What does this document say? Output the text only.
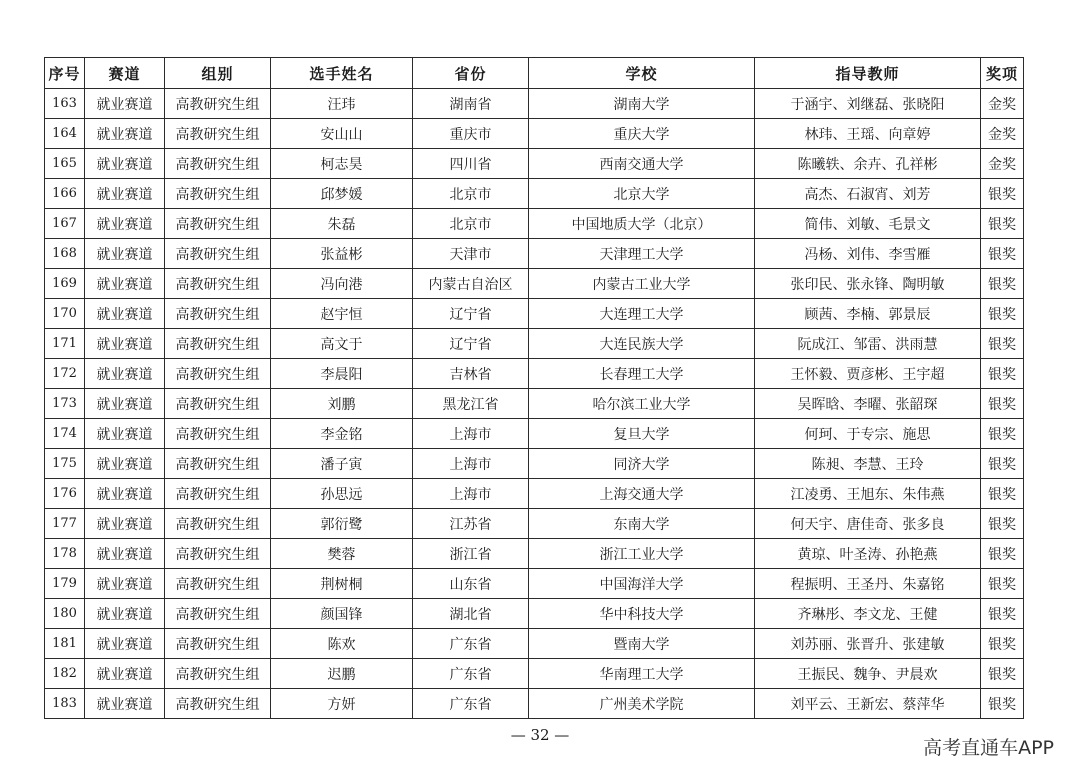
序号	赛道	组别	选手姓名	省份	学校	指导教师	奖项
163	就业赛道	高教研究生组	汪玮	湖南省	湖南大学	于涵宇、刘继磊、张晓阳	金奖
164	就业赛道	高教研究生组	安山山	重庆市	重庆大学	林玮、王瑶、向章婷	金奖
165	就业赛道	高教研究生组	柯志昊	四川省	西南交通大学	陈曦轶、余卉、孔祥彬	金奖
166	就业赛道	高教研究生组	邱梦媛	北京市	北京大学	高杰、石淑宵、刘芳	银奖
167	就业赛道	高教研究生组	朱磊	北京市	中国地质大学（北京）	简伟、刘敏、毛景文	银奖
168	就业赛道	高教研究生组	张益彬	天津市	天津理工大学	冯杨、刘伟、李雪雁	银奖
169	就业赛道	高教研究生组	冯向港	内蒙古自治区	内蒙古工业大学	张印民、张永锋、陶明敏	银奖
170	就业赛道	高教研究生组	赵宇恒	辽宁省	大连理工大学	顾茜、李楠、郭景辰	银奖
171	就业赛道	高教研究生组	高文于	辽宁省	大连民族大学	阮成江、邹雷、洪雨慧	银奖
172	就业赛道	高教研究生组	李晨阳	吉林省	长春理工大学	王怀毅、贾彦彬、王宇超	银奖
173	就业赛道	高教研究生组	刘鹏	黑龙江省	哈尔滨工业大学	吴晖晗、李曜、张韶琛	银奖
174	就业赛道	高教研究生组	李金铭	上海市	复旦大学	何珂、于专宗、施思	银奖
175	就业赛道	高教研究生组	潘子寅	上海市	同济大学	陈昶、李慧、王玲	银奖
176	就业赛道	高教研究生组	孙思远	上海市	上海交通大学	江凌勇、王旭东、朱伟燕	银奖
177	就业赛道	高教研究生组	郭衍鹭	江苏省	东南大学	何天宇、唐佳奇、张多良	银奖
178	就业赛道	高教研究生组	樊蓉	浙江省	浙江工业大学	黄琼、叶圣涛、孙艳燕	银奖
179	就业赛道	高教研究生组	荆树桐	山东省	中国海洋大学	程振明、王圣丹、朱嘉铭	银奖
180	就业赛道	高教研究生组	颜国锋	湖北省	华中科技大学	齐琳彤、李文龙、王健	银奖
181	就业赛道	高教研究生组	陈欢	广东省	暨南大学	刘苏丽、张晋升、张建敏	银奖
182	就业赛道	高教研究生组	迟鹏	广东省	华南理工大学	王振民、魏争、尹晨欢	银奖
183	就业赛道	高教研究生组	方妍	广东省	广州美术学院	刘平云、王新宏、蔡萍华	银奖
— 32 —
高考直通车APP
